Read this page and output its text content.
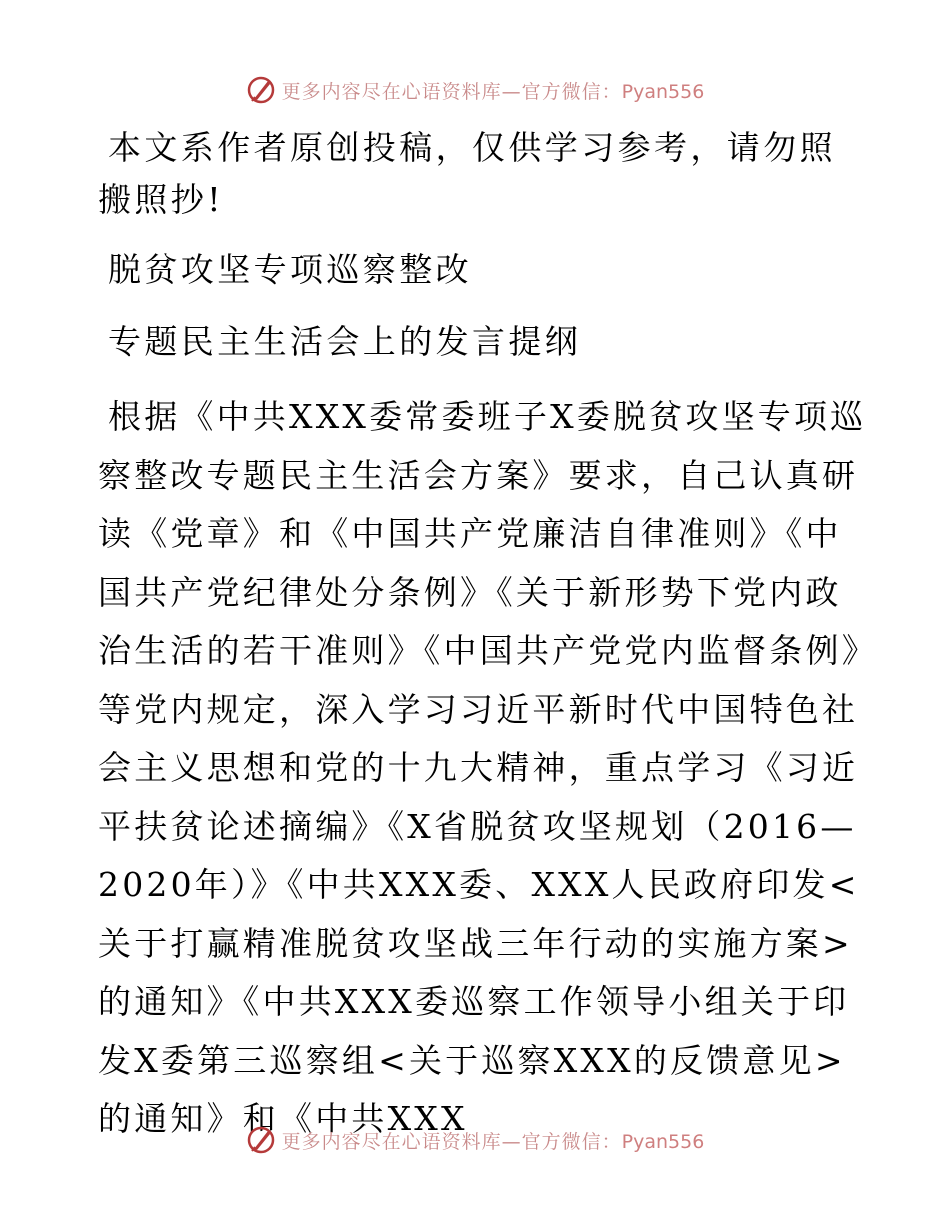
更多内容尽在心语资料库—官方微信：Pyan556

本文系作者原创投稿，仅供学习参考，请勿照搬照抄!

脱贫攻坚专项巡察整改

专题民主生活会上的发言提纲

根据《中共XXX委常委班子X委脱贫攻坚专项巡察整改专题民主生活会方案》要求，自己认真研读《党章》和《中国共产党廉洁自律准则》《中国共产党纪律处分条例》《关于新形势下党内政治生活的若干准则》《中国共产党党内监督条例》等党内规定，深入学习习近平新时代中国特色社会主义思想和党的十九大精神，重点学习《习近平扶贫论述摘编》《X省脱贫攻坚规划（2016—2020年）》《中共XXX委、XXX人民政府印发<关于打赢精准脱贫攻坚战三年行动的实施方案>的通知》《中共XXX委巡察工作领导小组关于印发X委第三巡察组<关于巡察XXX的反馈意见>的通知》和《中共XXX

更多内容尽在心语资料库—官方微信：Pyan556
